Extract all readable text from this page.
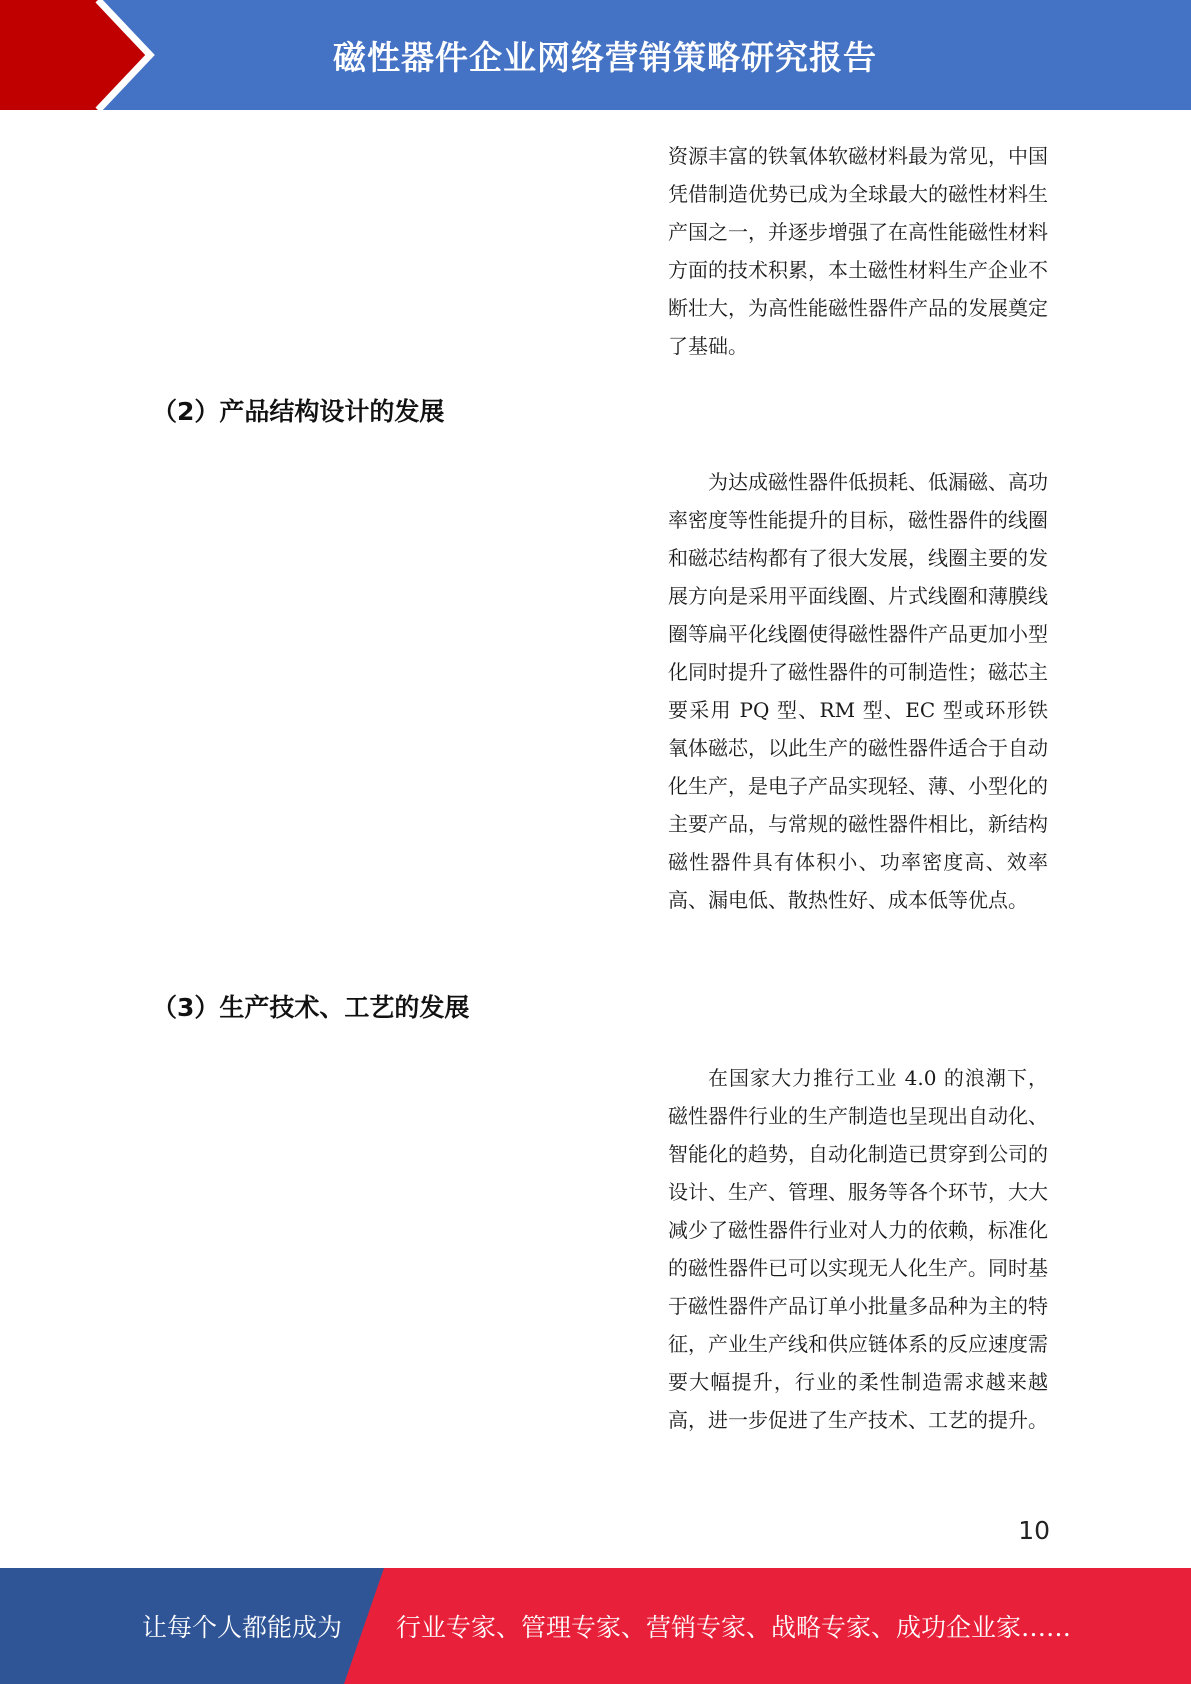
磁性器件企业网络营销策略研究报告

资源丰富的铁氧体软磁材料最为常见，中国凭借制造优势已成为全球最大的磁性材料生产国之一，并逐步增强了在高性能磁性材料方面的技术积累，本土磁性材料生产企业不断壮大，为高性能磁性器件产品的发展奠定了基础。

（2）产品结构设计的发展

为达成磁性器件低损耗、低漏磁、高功率密度等性能提升的目标，磁性器件的线圈和磁芯结构都有了很大发展，线圈主要的发展方向是采用平面线圈、片式线圈和薄膜线圈等扁平化线圈使得磁性器件产品更加小型化同时提升了磁性器件的可制造性；磁芯主要采用 PQ 型、RM 型、EC 型或环形铁氧体磁芯，以此生产的磁性器件适合于自动化生产，是电子产品实现轻、薄、小型化的主要产品，与常规的磁性器件相比，新结构磁性器件具有体积小、功率密度高、效率高、漏电低、散热性好、成本低等优点。

（3）生产技术、工艺的发展

在国家大力推行工业 4.0 的浪潮下，磁性器件行业的生产制造也呈现出自动化、智能化的趋势，自动化制造已贯穿到公司的设计、生产、管理、服务等各个环节，大大减少了磁性器件行业对人力的依赖，标准化的磁性器件已可以实现无人化生产。同时基于磁性器件产品订单小批量多品种为主的特征，产业生产线和供应链体系的反应速度需要大幅提升，行业的柔性制造需求越来越高，进一步促进了生产技术、工艺的提升。

10
让每个人都能成为 行业专家、管理专家、营销专家、战略专家、成功企业家……
